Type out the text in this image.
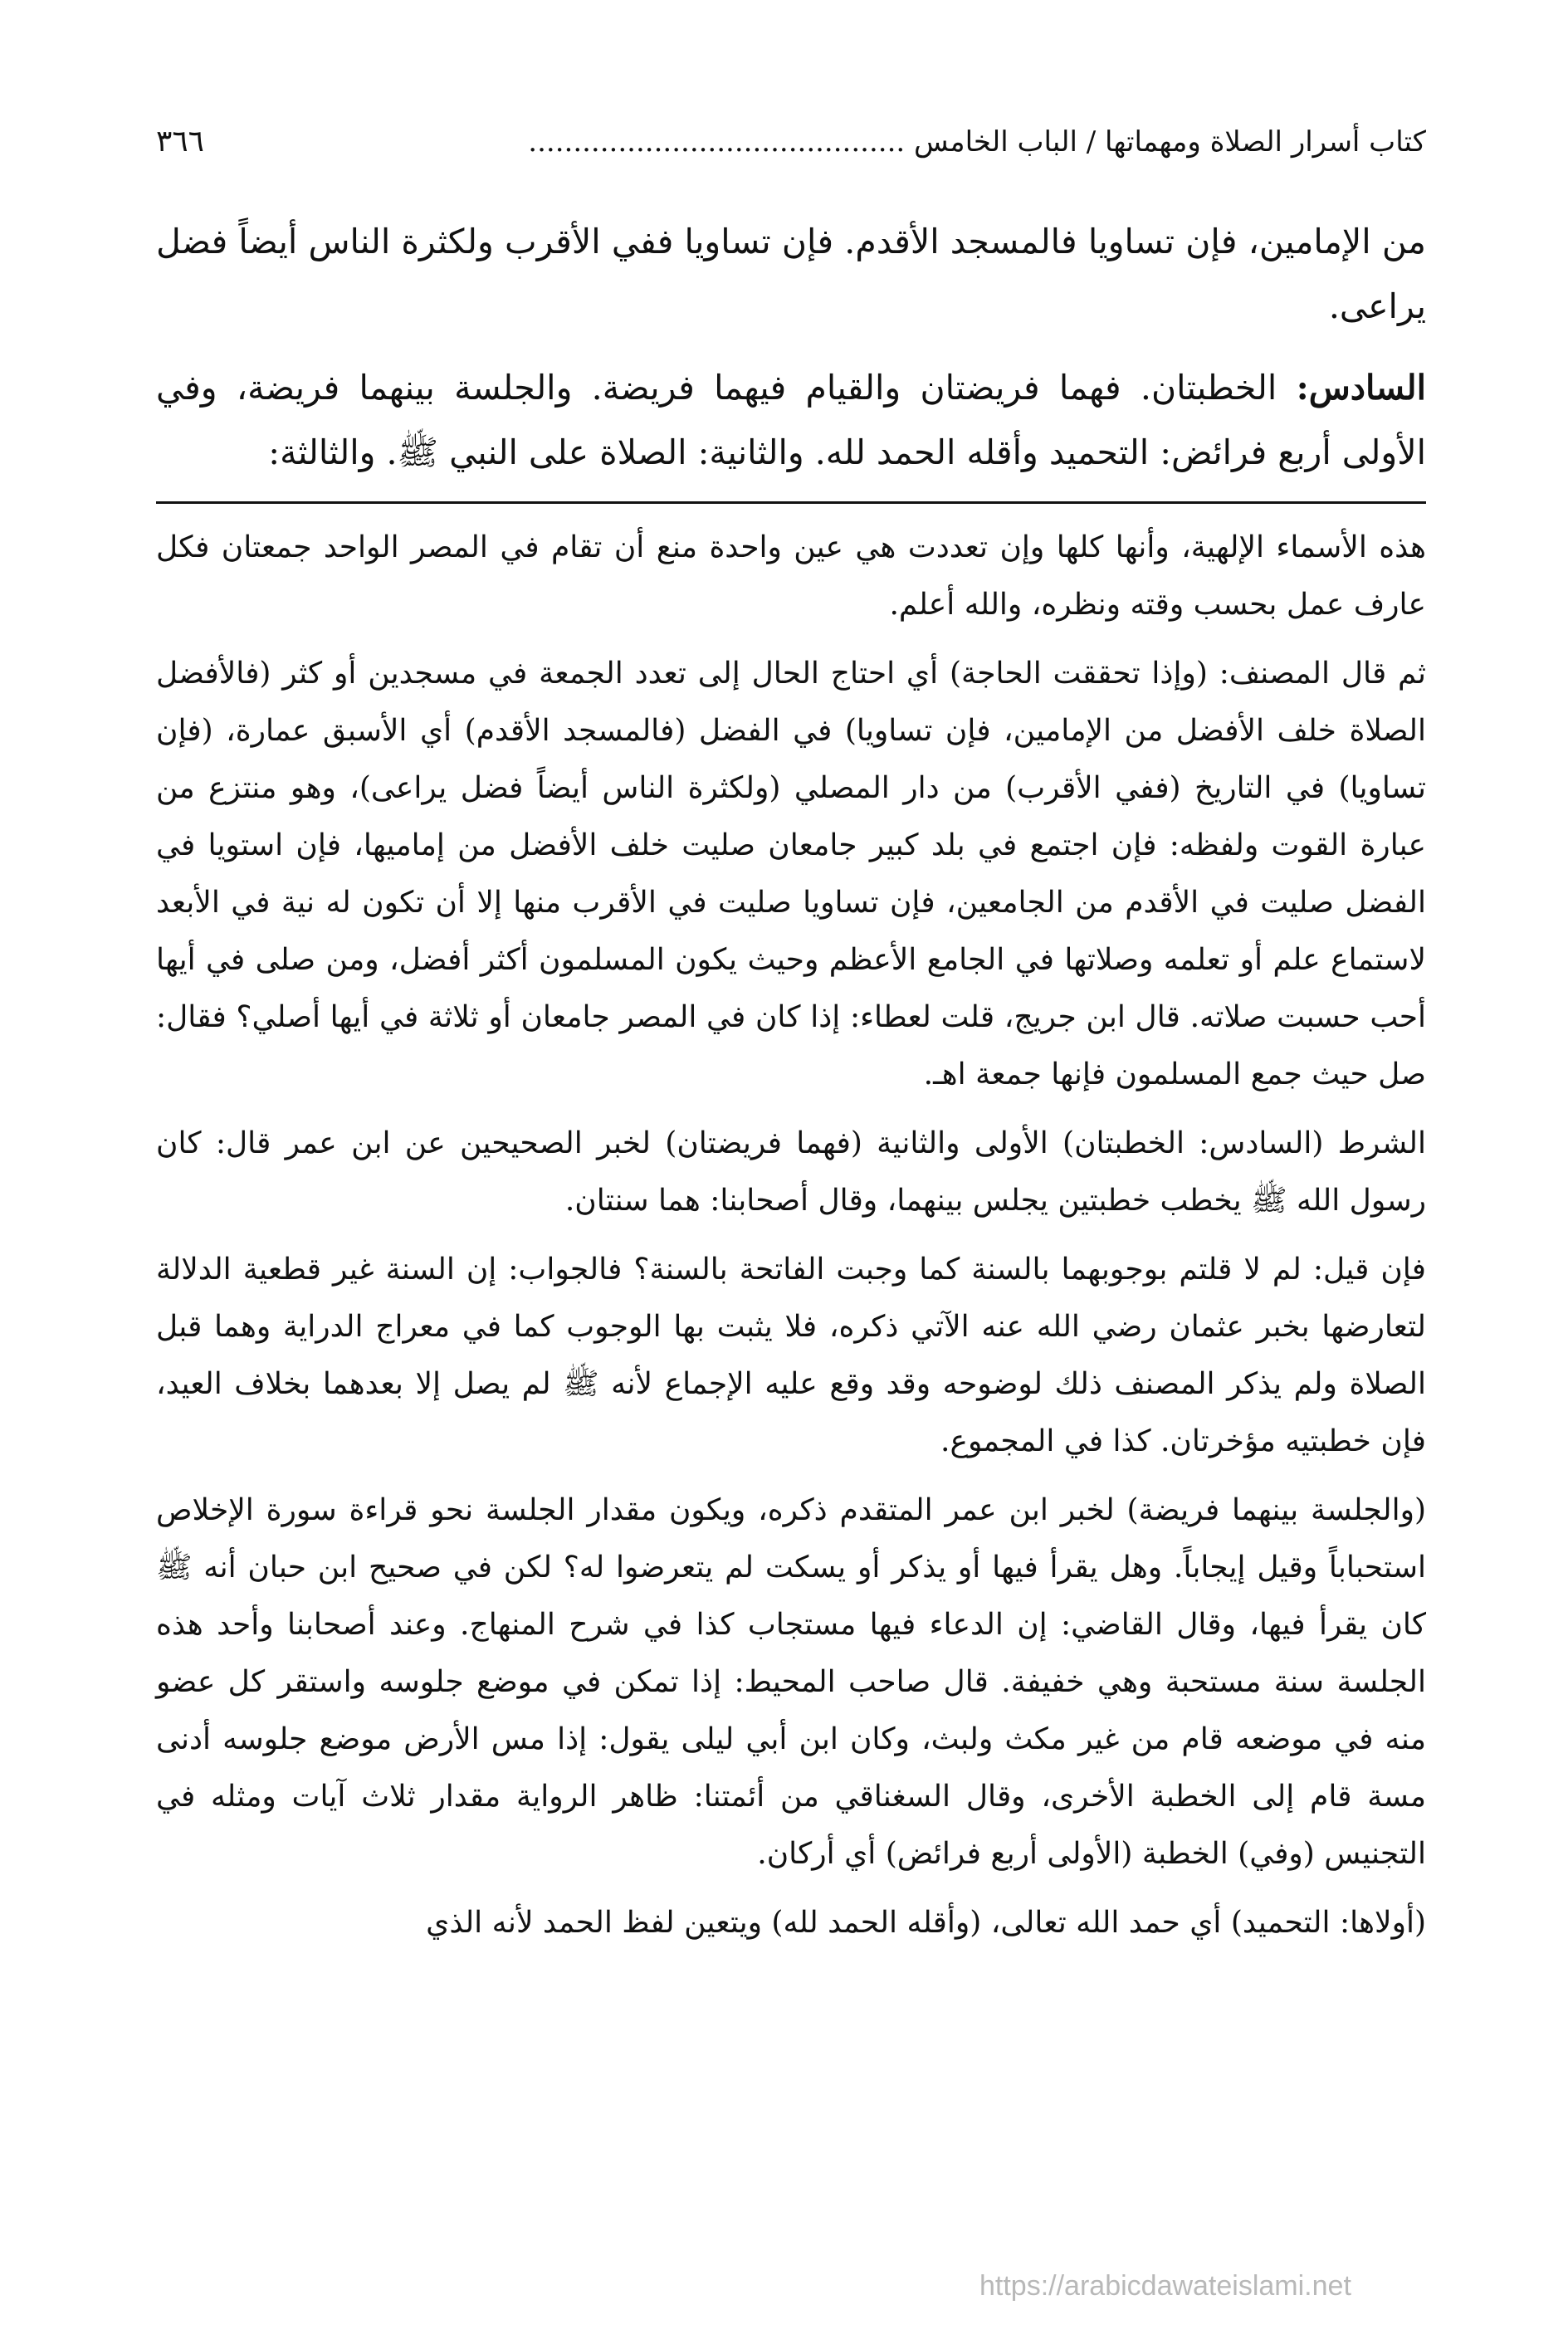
كتاب أسرار الصلاة ومهماتها / الباب الخامس ..........................................
٣٦٦

من الإمامين، فإن تساويا فالمسجد الأقدم. فإن تساويا ففي الأقرب ولكثرة الناس أيضاً فضل يراعى.

السادس: الخطبتان. فهما فريضتان والقيام فيهما فريضة. والجلسة بينهما فريضة، وفي الأولى أربع فرائض: التحميد وأقله الحمد لله. والثانية: الصلاة على النبي ﷺ. والثالثة:

هذه الأسماء الإلهية، وأنها كلها وإن تعددت هي عين واحدة منع أن تقام في المصر الواحد جمعتان فكل عارف عمل بحسب وقته ونظره، والله أعلم.

ثم قال المصنف: (وإذا تحققت الحاجة) أي احتاج الحال إلى تعدد الجمعة في مسجدين أو كثر (فالأفضل الصلاة خلف الأفضل من الإمامين، فإن تساويا) في الفضل (فالمسجد الأقدم) أي الأسبق عمارة، (فإن تساويا) في التاريخ (ففي الأقرب) من دار المصلي (ولكثرة الناس أيضاً فضل يراعى)، وهو منتزع من عبارة القوت ولفظه: فإن اجتمع في بلد كبير جامعان صليت خلف الأفضل من إماميها، فإن استويا في الفضل صليت في الأقدم من الجامعين، فإن تساويا صليت في الأقرب منها إلا أن تكون له نية في الأبعد لاستماع علم أو تعلمه وصلاتها في الجامع الأعظم وحيث يكون المسلمون أكثر أفضل، ومن صلى في أيها أحب حسبت صلاته. قال ابن جريج، قلت لعطاء: إذا كان في المصر جامعان أو ثلاثة في أيها أصلي؟ فقال: صل حيث جمع المسلمون فإنها جمعة اهـ.

الشرط (السادس: الخطبتان) الأولى والثانية (فهما فريضتان) لخبر الصحيحين عن ابن عمر قال: كان رسول الله ﷺ يخطب خطبتين يجلس بينهما، وقال أصحابنا: هما سنتان.

فإن قيل: لم لا قلتم بوجوبهما بالسنة كما وجبت الفاتحة بالسنة؟ فالجواب: إن السنة غير قطعية الدلالة لتعارضها بخبر عثمان رضي الله عنه الآتي ذكره، فلا يثبت بها الوجوب كما في معراج الدراية وهما قبل الصلاة ولم يذكر المصنف ذلك لوضوحه وقد وقع عليه الإجماع لأنه ﷺ لم يصل إلا بعدهما بخلاف العيد، فإن خطبتيه مؤخرتان. كذا في المجموع.

(والجلسة بينهما فريضة) لخبر ابن عمر المتقدم ذكره، ويكون مقدار الجلسة نحو قراءة سورة الإخلاص استحباباً وقيل إيجاباً. وهل يقرأ فيها أو يذكر أو يسكت لم يتعرضوا له؟ لكن في صحيح ابن حبان أنه ﷺ كان يقرأ فيها، وقال القاضي: إن الدعاء فيها مستجاب كذا في شرح المنهاج. وعند أصحابنا وأحد هذه الجلسة سنة مستحبة وهي خفيفة. قال صاحب المحيط: إذا تمكن في موضع جلوسه واستقر كل عضو منه في موضعه قام من غير مكث ولبث، وكان ابن أبي ليلى يقول: إذا مس الأرض موضع جلوسه أدنى مسة قام إلى الخطبة الأخرى، وقال السغناقي من أئمتنا: ظاهر الرواية مقدار ثلاث آيات ومثله في التجنيس (وفي) الخطبة (الأولى أربع فرائض) أي أركان.

(أولاها: التحميد) أي حمد الله تعالى، (وأقله الحمد لله) ويتعين لفظ الحمد لأنه الذي

https://arabicdawateislami.net
